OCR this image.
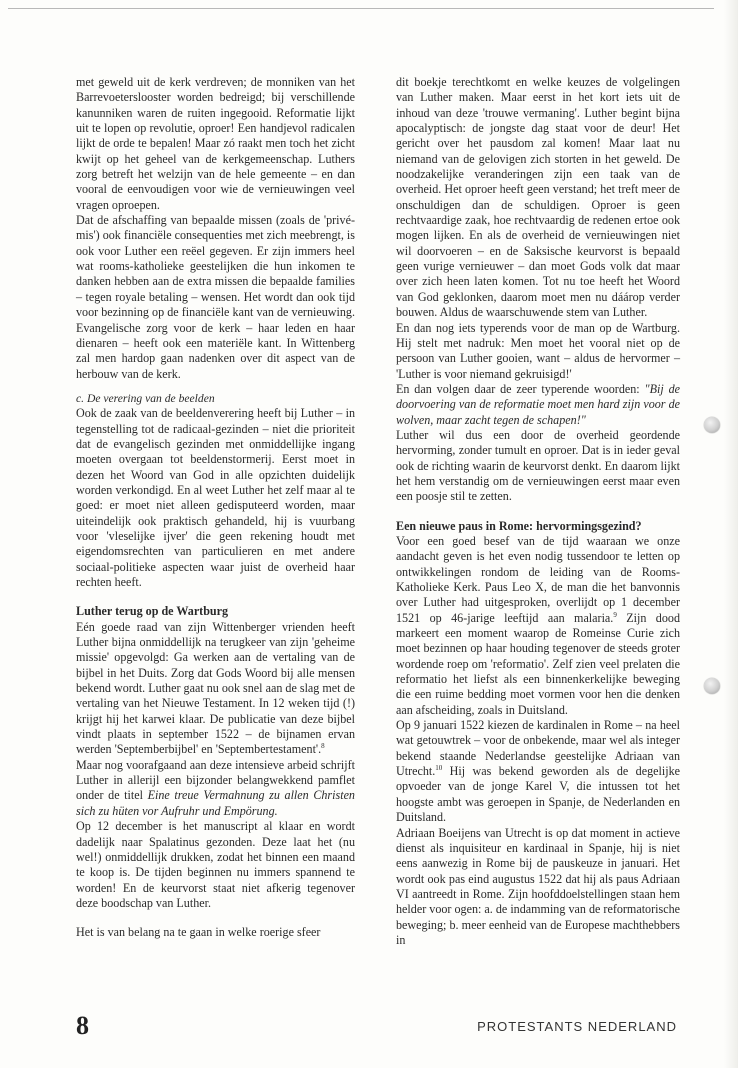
met geweld uit de kerk verdreven; de monniken van het Barrevoeterslooster worden bedreigd; bij verschillende kanunniken waren de ruiten ingegooid. Reformatie lijkt uit te lopen op revolutie, oproer! Een handjevol radicalen lijkt de orde te bepalen! Maar zó raakt men toch het zicht kwijt op het geheel van de kerkgemeenschap. Luthers zorg betreft het welzijn van de hele gemeente – en dan vooral de eenvoudigen voor wie de vernieuwingen veel vragen oproepen.

Dat de afschaffing van bepaalde missen (zoals de 'privé-mis') ook financiële consequenties met zich meebrengt, is ook voor Luther een reëel gegeven. Er zijn immers heel wat rooms-katholieke geestelijken die hun inkomen te danken hebben aan de extra missen die bepaalde families – tegen royale betaling – wensen. Het wordt dan ook tijd voor bezinning op de financiële kant van de vernieuwing. Evangelische zorg voor de kerk – haar leden en haar dienaren – heeft ook een materiële kant. In Wittenberg zal men hardop gaan nadenken over dit aspect van de herbouw van de kerk.

c. De verering van de beelden

Ook de zaak van de beeldenverering heeft bij Luther – in tegenstelling tot de radicaal-gezinden – niet die prioriteit dat de evangelisch gezinden met onmiddellijke ingang moeten overgaan tot beeldenstormerij. Eerst moet in dezen het Woord van God in alle opzichten duidelijk worden verkondigd. En al weet Luther het zelf maar al te goed: er moet niet alleen gedisputeerd worden, maar uiteindelijk ook praktisch gehandeld, hij is vuurbang voor 'vleselijke ijver' die geen rekening houdt met eigendomsrechten van particulieren en met andere sociaal-politieke aspecten waar juist de overheid haar rechten heeft.

Luther terug op de Wartburg

Eén goede raad van zijn Wittenberger vrienden heeft Luther bijna onmiddellijk na terugkeer van zijn 'geheime missie' opgevolgd: Ga werken aan de vertaling van de bijbel in het Duits. Zorg dat Gods Woord bij alle mensen bekend wordt. Luther gaat nu ook snel aan de slag met de vertaling van het Nieuwe Testament. In 12 weken tijd (!) krijgt hij het karwei klaar. De publicatie van deze bijbel vindt plaats in september 1522 – de bijnamen ervan werden 'Septemberbijbel' en 'Septembertestament'.$^8$

Maar nog voorafgaand aan deze intensieve arbeid schrijft Luther in allerijl een bijzonder belangwekkend pamflet onder de titel Eine treue Vermahnung zu allen Christen sich zu hüten vor Aufruhr und Empörung.

Op 12 december is het manuscript al klaar en wordt dadelijk naar Spalatinus gezonden. Deze laat het (nu wel!) onmiddellijk drukken, zodat het binnen een maand te koop is. De tijden beginnen nu immers spannend te worden! En de keurvorst staat niet afkerig tegenover deze boodschap van Luther.

Het is van belang na te gaan in welke roerige sfeer

dit boekje terechtkomt en welke keuzes de volgelingen van Luther maken. Maar eerst in het kort iets uit de inhoud van deze 'trouwe vermaning'. Luther begint bijna apocalyptisch: de jongste dag staat voor de deur! Het gericht over het pausdom zal komen! Maar laat nu niemand van de gelovigen zich storten in het geweld. De noodzakelijke veranderingen zijn een taak van de overheid. Het oproer heeft geen verstand; het treft meer de onschuldigen dan de schuldigen. Oproer is geen rechtvaardige zaak, hoe rechtvaardig de redenen ertoe ook mogen lijken. En als de overheid de vernieuwingen niet wil doorvoeren – en de Saksische keurvorst is bepaald geen vurige vernieuwer – dan moet Gods volk dat maar over zich heen laten komen. Tot nu toe heeft het Woord van God geklonken, daarom moet men nu dáárop verder bouwen. Aldus de waarschuwende stem van Luther.

En dan nog iets typerends voor de man op de Wartburg. Hij stelt met nadruk: Men moet het vooral niet op de persoon van Luther gooien, want – aldus de hervormer – 'Luther is voor niemand gekruisigd!'

En dan volgen daar de zeer typerende woorden: "Bij de doorvoering van de reformatie moet men hard zijn voor de wolven, maar zacht tegen de schapen!"

Luther wil dus een door de overheid geordende hervorming, zonder tumult en oproer. Dat is in ieder geval ook de richting waarin de keurvorst denkt. En daarom lijkt het hem verstandig om de vernieuwingen eerst maar even een poosje stil te zetten.

Een nieuwe paus in Rome: hervormingsgezind?

Voor een goed besef van de tijd waaraan we onze aandacht geven is het even nodig tussendoor te letten op ontwikkelingen rondom de leiding van de Rooms-Katholieke Kerk. Paus Leo X, de man die het banvonnis over Luther had uitgesproken, overlijdt op 1 december 1521 op 46-jarige leeftijd aan malaria.$^9$ Zijn dood markeert een moment waarop de Romeinse Curie zich moet bezinnen op haar houding tegenover de steeds groter wordende roep om 'reformatio'. Zelf zien veel prelaten die reformatio het liefst als een binnenkerkelijke beweging die een ruime bedding moet vormen voor hen die denken aan afscheiding, zoals in Duitsland.

Op 9 januari 1522 kiezen de kardinalen in Rome – na heel wat getouwtrek – voor de onbekende, maar wel als integer bekend staande Nederlandse geestelijke Adriaan van Utrecht.$^{10}$ Hij was bekend geworden als de degelijke opvoeder van de jonge Karel V, die intussen tot het hoogste ambt was geroepen in Spanje, de Nederlanden en Duitsland.

Adriaan Boeijens van Utrecht is op dat moment in actieve dienst als inquisiteur en kardinaal in Spanje, hij is niet eens aanwezig in Rome bij de pauskeuze in januari. Het wordt ook pas eind augustus 1522 dat hij als paus Adriaan VI aantreedt in Rome. Zijn hoofddoelstellingen staan hem helder voor ogen: a. de indamming van de reformatorische beweging; b. meer eenheid van de Europese machthebbers in

8	PROTESTANTS NEDERLAND
